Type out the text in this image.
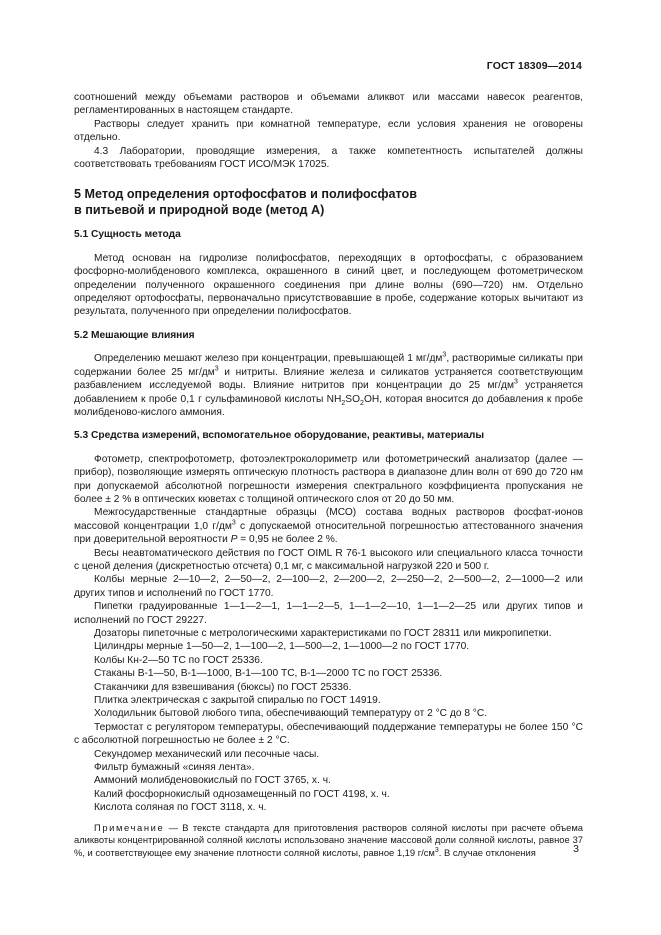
ГОСТ 18309—2014

соотношений между объемами растворов и объемами аликвот или массами навесок реагентов, регламентированных в настоящем стандарте.

Растворы следует хранить при комнатной температуре, если условия хранения не оговорены отдельно.

4.3 Лаборатории, проводящие измерения, а также компетентность испытателей должны соответствовать требованиям ГОСТ ИСО/МЭК 17025.

5 Метод определения ортофосфатов и полифосфатов

в питьевой и природной воде (метод А)

5.1 Сущность метода

Метод основан на гидролизе полифосфатов, переходящих в ортофосфаты, с образованием фосфорно-молибденового комплекса, окрашенного в синий цвет, и последующем фотометрическом определении полученного окрашенного соединения при длине волны (690—720) нм. Отдельно определяют ортофосфаты, первоначально присутствовавшие в пробе, содержание которых вычитают из результата, полученного при определении полифосфатов.

5.2 Мешающие влияния

Определению мешают железо при концентрации, превышающей 1 $мг/дм^3$, растворимые силикаты при содержании более 25 $мг/дм^3$ и нитриты. Влияние железа и силикатов устраняется соответствующим разбавлением исследуемой воды. Влияние нитритов при концентрации до 25 $мг/дм^3$ устраняется добавлением к пробе 0,1 г сульфаминовой кислоты $NH_2SO_2OH$, которая вносится до добавления к пробе молибденово-кислого аммония.

5.3 Средства измерений, вспомогательное оборудование, реактивы, материалы

Фотометр, спектрофотометр, фотоэлектроколориметр или фотометрический анализатор (далее — прибор), позволяющие измерять оптическую плотность раствора в диапазоне длин волн от 690 до 720 нм при допускаемой абсолютной погрешности измерения спектрального коэффициента пропускания не более ± 2 % в оптических кюветах с толщиной оптического слоя от 20 до 50 мм.

Межгосударственные стандартные образцы (МСО) состава водных растворов фосфат-ионов массовой концентрации 1,0 $г/дм^3$ с допускаемой относительной погрешностью аттестованного значения при доверительной вероятности P = 0,95 не более 2 %.

Весы неавтоматического действия по ГОСТ OIML R 76-1 высокого или специального класса точности с ценой деления (дискретностью отсчета) 0,1 мг, с максимальной нагрузкой 220 и 500 г.

Колбы мерные 2—10—2, 2—50—2, 2—100—2, 2—200—2, 2—250—2, 2—500—2, 2—1000—2 или других типов и исполнений по ГОСТ 1770.

Пипетки градуированные 1—1—2—1, 1—1—2—5, 1—1—2—10, 1—1—2—25 или других типов и исполнений по ГОСТ 29227.

Дозаторы пипеточные с метрологическими характеристиками по ГОСТ 28311 или микропипетки.

Цилиндры мерные 1—50—2, 1—100—2, 1—500—2, 1—1000—2 по ГОСТ 1770.

Колбы Кн-2—50 ТС по ГОСТ 25336.

Стаканы В-1—50, В-1—1000, В-1—100 ТС, В-1—2000 ТС по ГОСТ 25336.

Стаканчики для взвешивания (бюксы) по ГОСТ 25336.

Плитка электрическая с закрытой спиралью по ГОСТ 14919.

Холодильник бытовой любого типа, обеспечивающий температуру от 2 °С до 8 °С.

Термостат с регулятором температуры, обеспечивающий поддержание температуры не более 150 °С с абсолютной погрешностью не более ± 2 °С.

Секундомер механический или песочные часы.

Фильтр бумажный «синяя лента».

Аммоний молибденовокислый по ГОСТ 3765, х. ч.

Калий фосфорнокислый однозамещенный по ГОСТ 4198, х. ч.

Кислота соляная по ГОСТ 3118, х. ч.

Примечание — В тексте стандарта для приготовления растворов соляной кислоты при расчете объема аликвоты концентрированной соляной кислоты использовано значение массовой доли соляной кислоты, равное 37 %, и соответствующее ему значение плотности соляной кислоты, равное 1,19 $г/см^3$. В случае отклонения	3
